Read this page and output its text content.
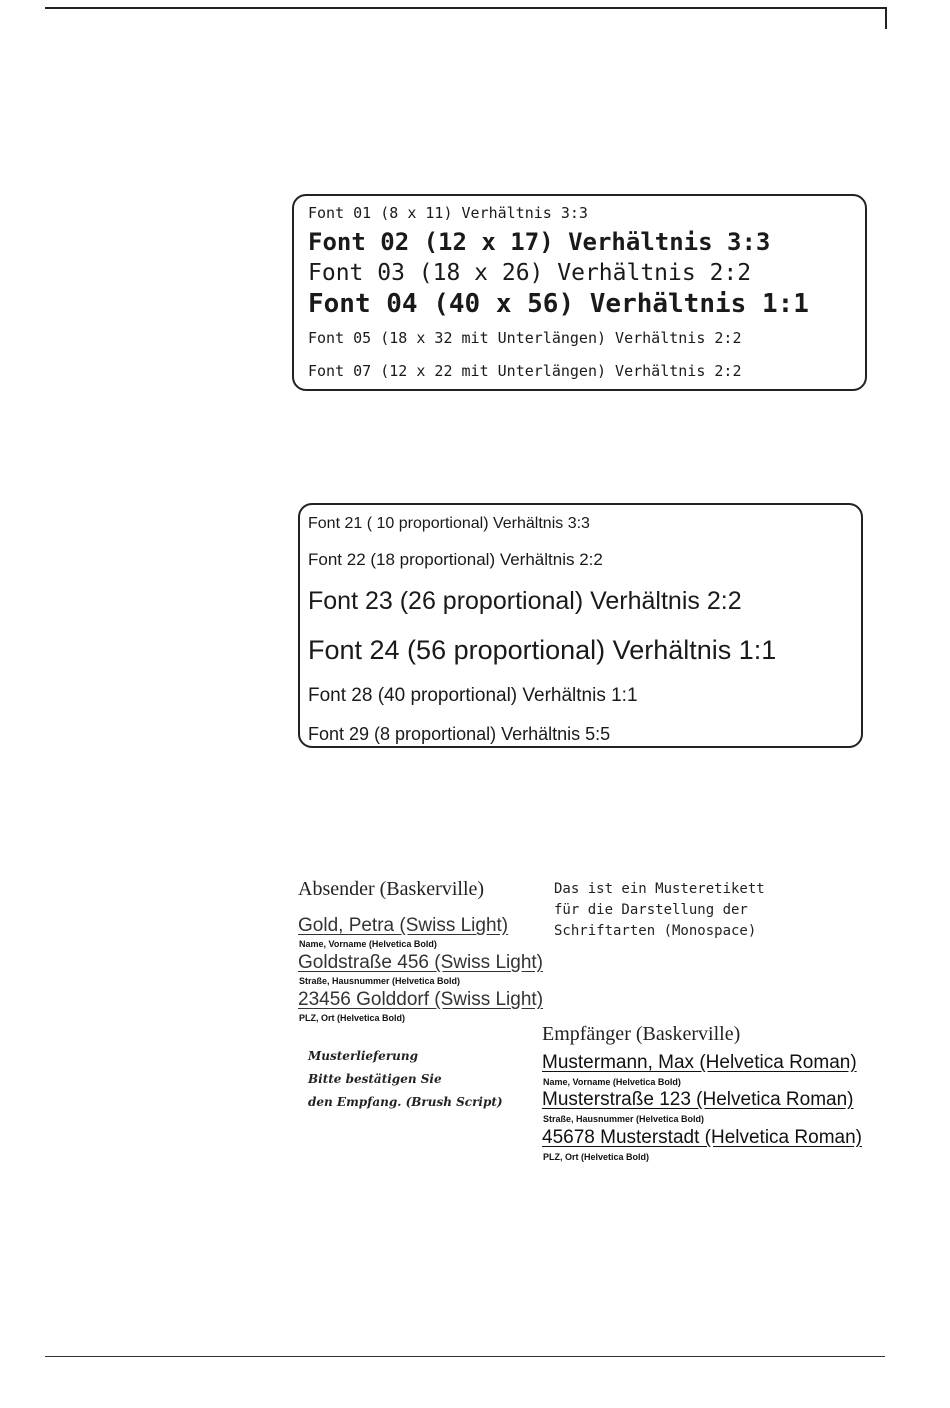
Font 01 (8 x 11) Verhältnis 3:3
Font 02 (12 x 17) Verhältnis 3:3
Font 03 (18 x 26) Verhältnis 2:2
Font 04 (40 x 56) Verhältnis 1:1
Font 05 (18 x 32 mit Unterlängen) Verhältnis 2:2
Font 07 (12 x 22 mit Unterlängen) Verhältnis 2:2
Font 21 ( 10 proportional) Verhältnis 3:3
Font 22 (18 proportional) Verhältnis 2:2
Font 23 (26 proportional) Verhältnis 2:2
Font 24 (56 proportional) Verhältnis 1:1
Font 28 (40 proportional) Verhältnis 1:1
Font 29 (8 proportional) Verhältnis 5:5
Absender (Baskerville)
Gold, Petra (Swiss Light)
Name, Vorname (Helvetica Bold)
Goldstraße 456 (Swiss Light)
Straße, Hausnummer (Helvetica Bold)
23456 Golddorf (Swiss Light)
PLZ, Ort (Helvetica Bold)
Das ist ein Musteretikett
für die Darstellung der
Schriftarten (Monospace)
Musterlieferung
Bitte bestätigen Sie
den Empfang. (Brush Script)
Empfänger (Baskerville)
Mustermann, Max (Helvetica Roman)
Name, Vorname (Helvetica Bold)
Musterstraße 123 (Helvetica Roman)
Straße, Hausnummer (Helvetica Bold)
45678 Musterstadt (Helvetica Roman)
PLZ, Ort (Helvetica Bold)
